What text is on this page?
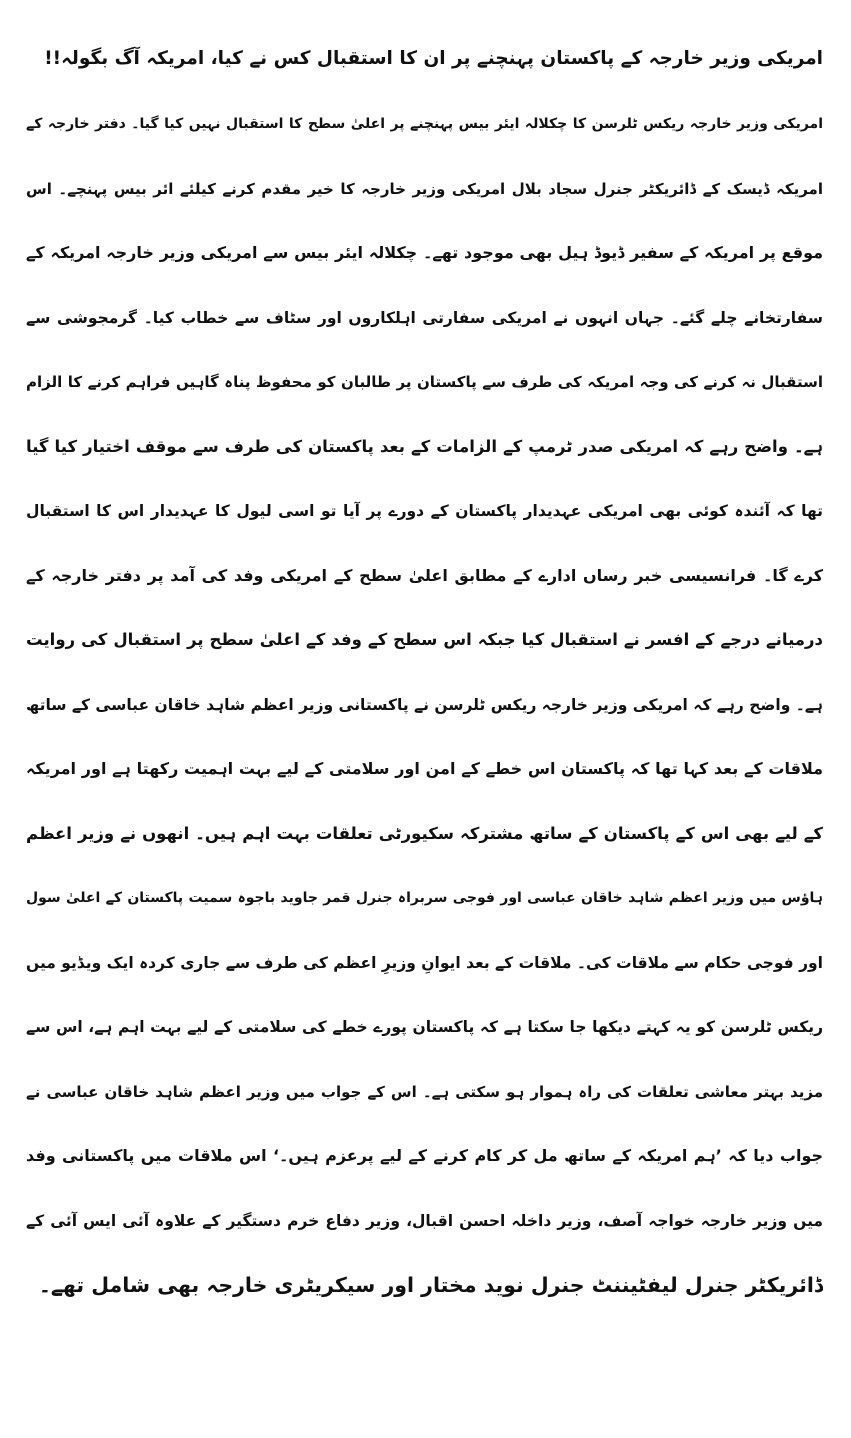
امریکی وزیر خارجہ کے پاکستان پہنچنے پر ان کا استقبال کس نے کیا، امریکہ آگ بگولہ!!
امریکی وزیر خارجہ ریکس ٹلرسن کا چکلالہ ایئر بیس پہنچنے پر اعلیٰ سطح کا استقبال نہیں کیا گیا۔ دفتر خارجہ کے
امریکہ ڈیسک کے ڈائریکٹر جنرل سجاد بلال امریکی وزیر خارجہ کا خیر مقدم کرنے کیلئے ائر بیس پہنچے۔ اس
موقع پر امریکہ کے سفیر ڈیوڈ ہیل بھی موجود تھے۔ چکلالہ ایئر بیس سے امریکی وزیر خارجہ امریکہ کے
سفارتخانے چلے گئے۔ جہاں انہوں نے امریکی سفارتی اہلکاروں اور سٹاف سے خطاب کیا۔ گرمجوشی سے
استقبال نہ کرنے کی وجہ امریکہ کی طرف سے پاکستان پر طالبان کو محفوظ پناہ گاہیں فراہم کرنے کا الزام
ہے۔ واضح رہے کہ امریکی صدر ٹرمپ کے الزامات کے بعد پاکستان کی طرف سے موقف اختیار کیا گیا
تھا کہ آئندہ کوئی بھی امریکی عہدیدار پاکستان کے دورے پر آیا تو اسی لیول کا عہدیدار اس کا استقبال
کرے گا۔ فرانسیسی خبر رساں ادارے کے مطابق اعلیٰ سطح کے امریکی وفد کی آمد پر دفتر خارجہ کے
درمیانے درجے کے افسر نے استقبال کیا جبکہ اس سطح کے وفد کے اعلیٰ سطح پر استقبال کی روایت
ہے۔ واضح رہے کہ امریکی وزیر خارجہ ریکس ٹلرسن نے پاکستانی وزیر اعظم شاہد خاقان عباسی کے ساتھ
ملاقات کے بعد کہا تھا کہ پاکستان اس خطے کے امن اور سلامتی کے لیے بہت اہمیت رکھتا ہے اور امریکہ
کے لیے بھی اس کے پاکستان کے ساتھ مشترکہ سکیورٹی تعلقات بہت اہم ہیں۔ انھوں نے وزیر اعظم
ہاؤس میں وزیر اعظم شاہد خاقان عباسی اور فوجی سربراہ جنرل قمر جاوید باجوہ سمیت پاکستان کے اعلیٰ سول
اور فوجی حکام سے ملاقات کی۔ ملاقات کے بعد ایوانِ وزیرِ اعظم کی طرف سے جاری کردہ ایک ویڈیو میں
ریکس ٹلرسن کو یہ کہتے دیکھا جا سکتا ہے کہ پاکستان پورے خطے کی سلامتی کے لیے بہت اہم ہے، اس سے
مزید بہتر معاشی تعلقات کی راہ ہموار ہو سکتی ہے۔ اس کے جواب میں وزیر اعظم شاہد خاقان عباسی نے
جواب دیا کہ ’ہم امریکہ کے ساتھ مل کر کام کرنے کے لیے پرعزم ہیں۔‘ اس ملاقات میں پاکستانی وفد
میں وزیر خارجہ خواجہ آصف، وزیر داخلہ احسن اقبال، وزیر دفاع خرم دستگیر کے علاوہ آئی ایس آئی کے
ڈائریکٹر جنرل لیفٹیننٹ جنرل نوید مختار اور سیکریٹری خارجہ بھی شامل تھے۔
